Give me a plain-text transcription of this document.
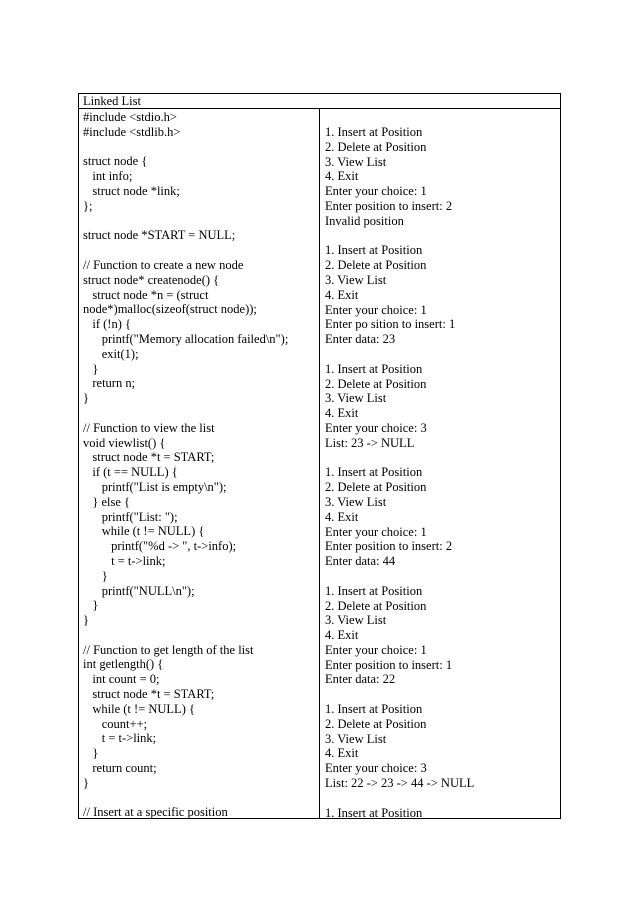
Linked List
#include <stdio.h>
#include <stdlib.h>
struct node {
int info;
struct node *link;
};
struct node *START = NULL;
// Function to create a new node
struct node* createnode() {
struct node *n = (struct
node*)malloc(sizeof(struct node));
if (!n) {
printf("Memory allocation failed\n");
exit(1);
}
return n;
}
// Function to view the list
void viewlist() {
struct node *t = START;
if (t == NULL) {
printf("List is empty\n");
} else {
printf("List: ");
while (t != NULL) {
printf("%d -> ", t->info);
t = t->link;
}
printf("NULL\n");
}
}
// Function to get length of the list
int getlength() {
int count = 0;
struct node *t = START;
while (t != NULL) {
count++;
t = t->link;
}
return count;
}
// Insert at a specific position
1. Insert at Position
2. Delete at Position
3. View List
4. Exit
Enter your choice: 1
Enter position to insert: 2
Invalid position
1. Insert at Position
2. Delete at Position
3. View List
4. Exit
Enter your choice: 1
Enter po sition to insert: 1
Enter data: 23
1. Insert at Position
2. Delete at Position
3. View List
4. Exit
Enter your choice: 3
List: 23 -> NULL
1. Insert at Position
2. Delete at Position
3. View List
4. Exit
Enter your choice: 1
Enter position to insert: 2
Enter data: 44
1. Insert at Position
2. Delete at Position
3. View List
4. Exit
Enter your choice: 1
Enter position to insert: 1
Enter data: 22
1. Insert at Position
2. Delete at Position
3. View List
4. Exit
Enter your choice: 3
List: 22 -> 23 -> 44 -> NULL
1. Insert at Position
